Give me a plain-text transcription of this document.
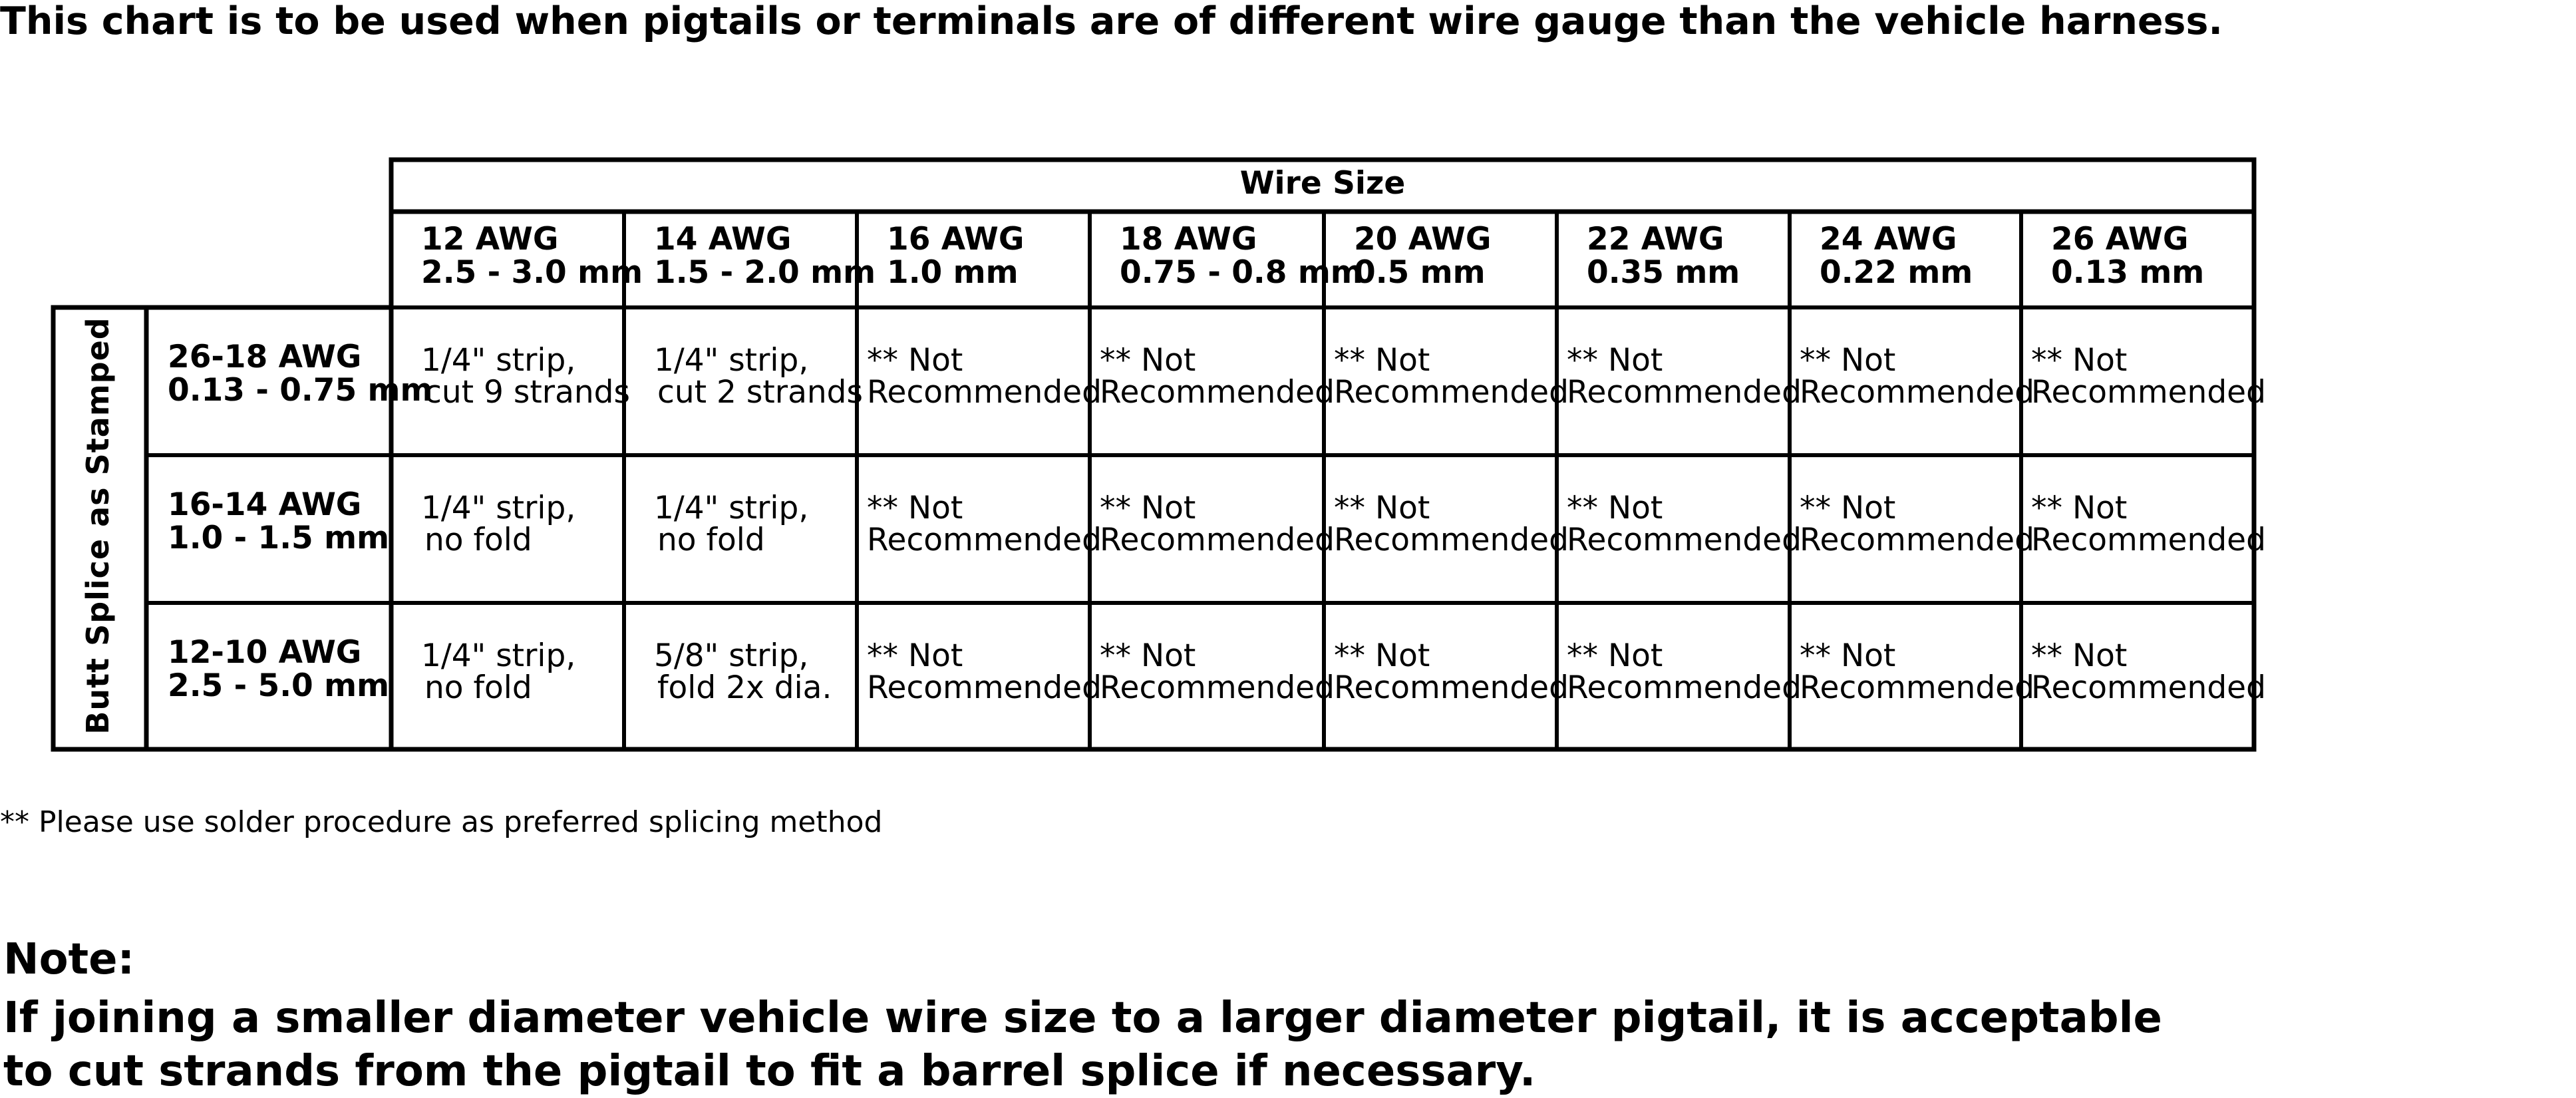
This chart is to be used when pigtails or terminals are of different wire gauge than the vehicle harness.
Wire Size
Butt Splice as Stamped
12 AWG
2.5 - 3.0 mm
14 AWG
1.5 - 2.0 mm
16 AWG
1.0 mm
18 AWG
0.75 - 0.8 mm
20 AWG
0.5 mm
22 AWG
0.35 mm
24 AWG
0.22 mm
26 AWG
0.13 mm
26-18 AWG
0.13 - 0.75 mm
1/4" strip,
cut 9 strands
1/4" strip,
cut 2 strands
** Not
Recommended
** Not
Recommended
** Not
Recommended
** Not
Recommended
** Not
Recommended
** Not
Recommended
16-14 AWG
1.0 - 1.5 mm
1/4" strip,
no fold
1/4" strip,
no fold
** Not
Recommended
** Not
Recommended
** Not
Recommended
** Not
Recommended
** Not
Recommended
** Not
Recommended
12-10 AWG
2.5 - 5.0 mm
1/4" strip,
no fold
5/8" strip,
fold 2x dia.
** Not
Recommended
** Not
Recommended
** Not
Recommended
** Not
Recommended
** Not
Recommended
** Not
Recommended
** Please use solder procedure as preferred splicing method
Note:
If joining a smaller diameter vehicle wire size to a larger diameter pigtail, it is acceptable
to cut strands from the pigtail to fit a barrel splice if necessary.
